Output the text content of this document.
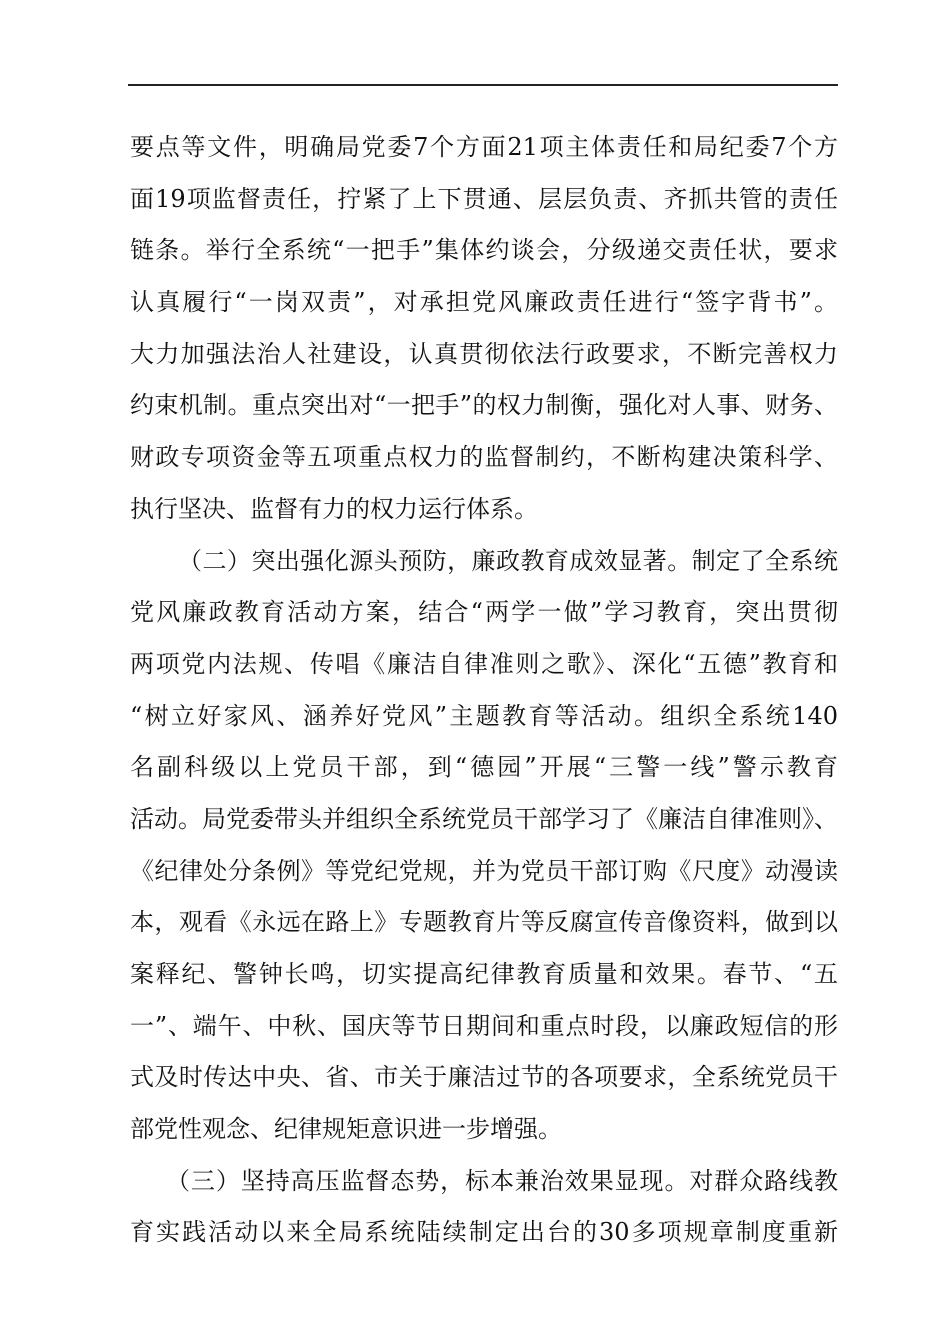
要点等文件，明确局党委7个方面21项主体责任和局纪委7个方
面19项监督责任，拧紧了上下贯通、层层负责、齐抓共管的责任
链条。举行全系统“一把手”集体约谈会，分级递交责任状，要求
认真履行“一岗双责”，对承担党风廉政责任进行“签字背书”。
大力加强法治人社建设，认真贯彻依法行政要求，不断完善权力
约束机制。重点突出对“一把手”的权力制衡，强化对人事、财务、
财政专项资金等五项重点权力的监督制约，不断构建决策科学、
执行坚决、监督有力的权力运行体系。
（二）突出强化源头预防，廉政教育成效显著。制定了全系统
党风廉政教育活动方案，结合“两学一做”学习教育，突出贯彻
两项党内法规、传唱《廉洁自律准则之歌》、深化“五德”教育和
“树立好家风、涵养好党风”主题教育等活动。组织全系统140
名副科级以上党员干部，到“德园”开展“三警一线”警示教育
活动。局党委带头并组织全系统党员干部学习了《廉洁自律准则》、
《纪律处分条例》等党纪党规，并为党员干部订购《尺度》动漫读
本，观看《永远在路上》专题教育片等反腐宣传音像资料，做到以
案释纪、警钟长鸣，切实提高纪律教育质量和效果。春节、“五
一”、端午、中秋、国庆等节日期间和重点时段，以廉政短信的形
式及时传达中央、省、市关于廉洁过节的各项要求，全系统党员干
部党性观念、纪律规矩意识进一步增强。
（三）坚持高压监督态势，标本兼治效果显现。对群众路线教
育实践活动以来全局系统陆续制定出台的30多项规章制度重新
